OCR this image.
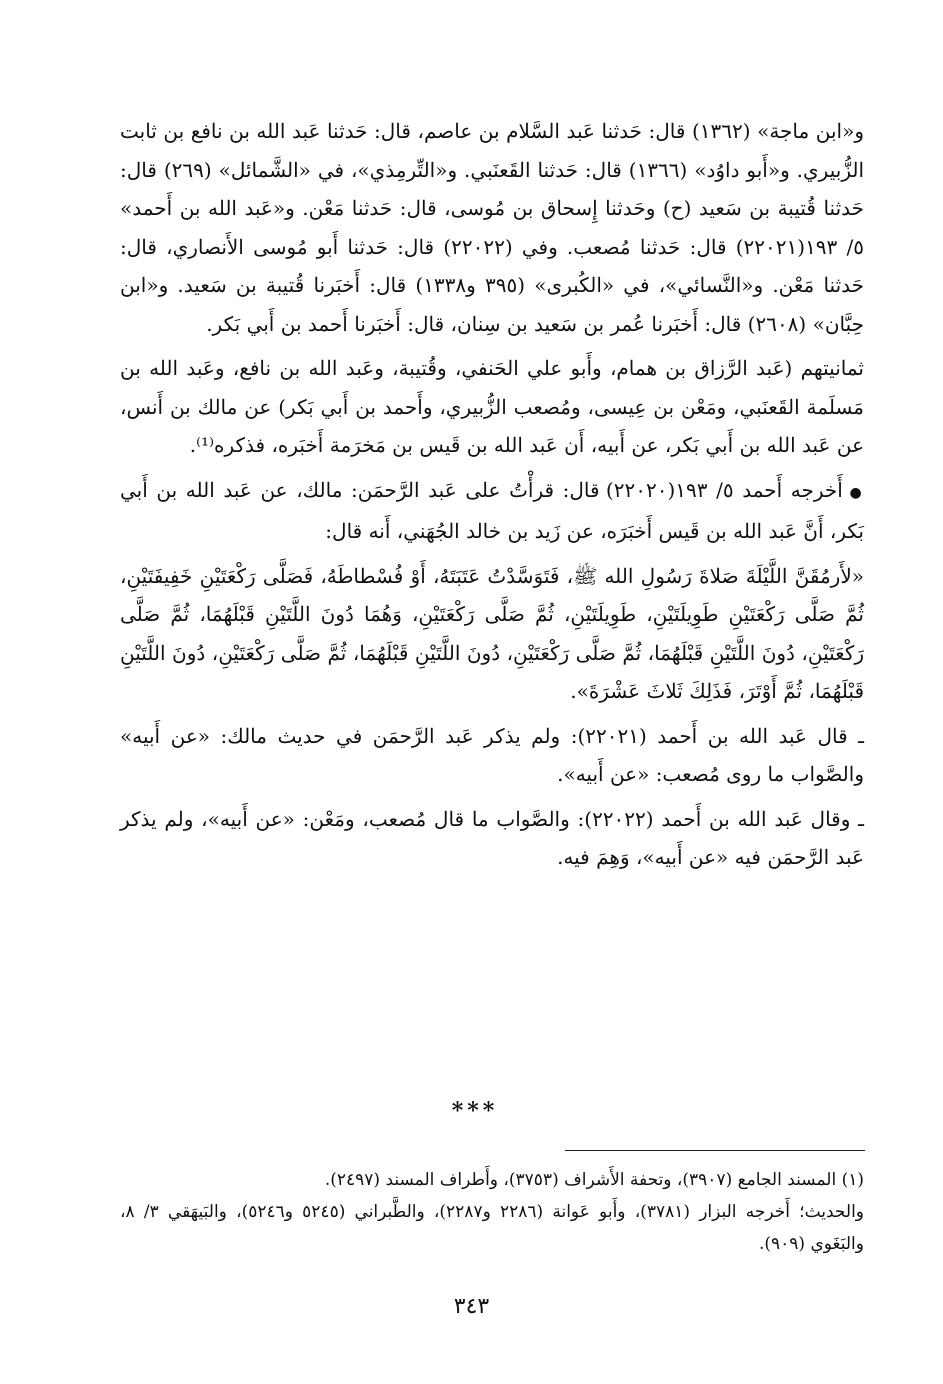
و«ابن ماجة» (١٣٦٢) قال: حَدثنا عَبد السَّلام بن عاصم، قال: حَدثنا عَبد الله بن نافع بن ثابت الزُّبيري. و«أَبو داوُد» (١٣٦٦) قال: حَدثنا القَعنَبي. و«التِّرمِذي»، في «الشَّمائل» (٢٦٩) قال: حَدثنا قُتيبة بن سَعيد (ح) وحَدثنا إِسحاق بن مُوسى، قال: حَدثنا مَعْن. و«عَبد الله بن أَحمد» ٥/ ١٩٣(٢٢٠٢١) قال: حَدثنا مُصعب. وفي (٢٢٠٢٢) قال: حَدثنا أَبو مُوسى الأَنصاري، قال: حَدثنا مَعْن. و«النَّسائي»، في «الكُبرى» (٣٩٥ و١٣٣٨) قال: أَخبَرنا قُتيبة بن سَعيد. و«ابن حِبَّان» (٢٦٠٨) قال: أَخبَرنا عُمر بن سَعيد بن سِنان، قال: أَخبَرنا أَحمد بن أَبي بَكر.

ثمانيتهم (عَبد الرَّزاق بن همام، وأَبو علي الحَنفي، وقُتيبة، وعَبد الله بن نافع، وعَبد الله بن مَسلَمة القَعنَبي، ومَعْن بن عِيسى، ومُصعب الزُّبيري، وأَحمد بن أَبي بَكر) عن مالك بن أَنس، عن عَبد الله بن أَبي بَكر، عن أَبيه، أَن عَبد الله بن قَيس بن مَخرَمة أَخبَره، فذكره⁽¹⁾.

● أَخرجه أَحمد ٥/ ١٩٣(٢٢٠٢٠) قال: قرأْتُ على عَبد الرَّحمَن: مالك، عن عَبد الله بن أَبي بَكر، أَنَّ عَبد الله بن قَيس أَخبَرَه، عن زَيد بن خالد الجُهَني، أَنه قال:

«لأَرمُقَنَّ اللَّيْلَةَ صَلاةَ رَسُولِ الله ﷺ، فَتَوَسَّدْتُ عَتَبَتَهُ، أَوْ فُسْطاطَهُ، فَصَلَّى رَكْعَتَيْنِ خَفِيفَتَيْنِ، ثُمَّ صَلَّى رَكْعَتَيْنِ طَوِيلَتَيْنِ، طَوِيلَتَيْنِ، ثُمَّ صَلَّى رَكْعَتَيْنِ، وَهُمَا دُونَ اللَّتَيْنِ قَبْلَهُمَا، ثُمَّ صَلَّى رَكْعَتَيْنِ، دُونَ اللَّتَيْنِ قَبْلَهُمَا، ثُمَّ صَلَّى رَكْعَتَيْنِ، دُونَ اللَّتَيْنِ قَبْلَهُمَا، ثُمَّ صَلَّى رَكْعَتَيْنِ، دُونَ اللَّتَيْنِ قَبْلَهُمَا، ثُمَّ أَوْتَرَ، فَذَلِكَ ثَلاثَ عَشْرَةَ».

ـ قال عَبد الله بن أَحمد (٢٢٠٢١): ولم يذكر عَبد الرَّحمَن في حديث مالك: «عن أَبيه» والصَّواب ما روى مُصعب: «عن أَبيه».

ـ وقال عَبد الله بن أَحمد (٢٢٠٢٢): والصَّواب ما قال مُصعب، ومَعْن: «عن أَبيه»، ولم يذكر عَبد الرَّحمَن فيه «عن أَبيه»، وَهِمَ فيه.

***

(١) المسند الجامع (٣٩٠٧)، وتحفة الأَشراف (٣٧٥٣)، وأَطراف المسند (٢٤٩٧).

والحديث؛ أَخرجه البزار (٣٧٨١)، وأَبو عَوانة (٢٢٨٦ و٢٢٨٧)، والطَّبراني (٥٢٤٥ و٥٢٤٦)، والبَيهَقي ٣/ ٨، والبَغَوي (٩٠٩).

٣٤٣
